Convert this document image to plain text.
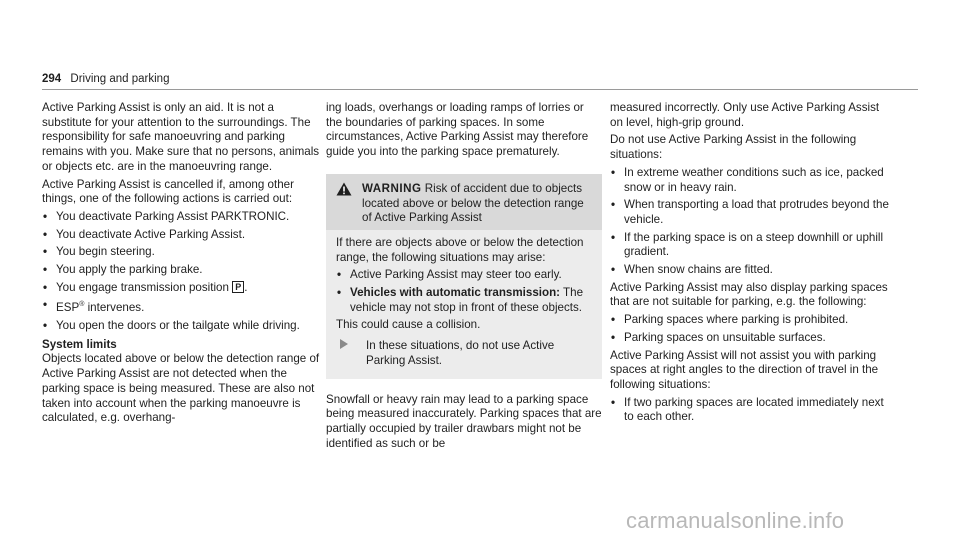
294 Driving and parking

Active Parking Assist is only an aid. It is not a substitute for your attention to the surroundings. The responsibility for safe manoeuvring and parking remains with you. Make sure that no persons, animals or objects etc. are in the manoeuvring range.

Active Parking Assist is cancelled if, among other things, one of the following actions is carried out:

• You deactivate Parking Assist PARKTRONIC.
• You deactivate Active Parking Assist.
• You begin steering.
• You apply the parking brake.
• You engage transmission position P .
• ESP® intervenes.
• You open the doors or the tailgate while driving.
System limits

Objects located above or below the detection range of Active Parking Assist are not detected when the parking space is being measured. These are also not taken into account when the parking manoeuvre is calculated, e.g. overhang-

ing loads, overhangs or loading ramps of lorries or the boundaries of parking spaces. In some circumstances, Active Parking Assist may therefore guide you into the parking space prematurely.

WARNING Risk of accident due to objects located above or below the detection range of Active Parking Assist

If there are objects above or below the detection range, the following situations may arise:

• Active Parking Assist may steer too early.
• Vehicles with automatic transmission: The vehicle may not stop in front of these objects.

This could cause a collision.

In these situations, do not use Active Parking Assist.

Snowfall or heavy rain may lead to a parking space being measured inaccurately. Parking spaces that are partially occupied by trailer drawbars might not be identified as such or be

measured incorrectly. Only use Active Parking Assist on level, high-grip ground.

Do not use Active Parking Assist in the following situations:

• In extreme weather conditions such as ice, packed snow or in heavy rain.
• When transporting a load that protrudes beyond the vehicle.
• If the parking space is on a steep downhill or uphill gradient.
• When snow chains are fitted.

Active Parking Assist may also display parking spaces that are not suitable for parking, e.g. the following:

• Parking spaces where parking is prohibited.
• Parking spaces on unsuitable surfaces.

Active Parking Assist will not assist you with parking spaces at right angles to the direction of travel in the following situations:

• If two parking spaces are located immediately next to each other.
carmanualsonline.info
